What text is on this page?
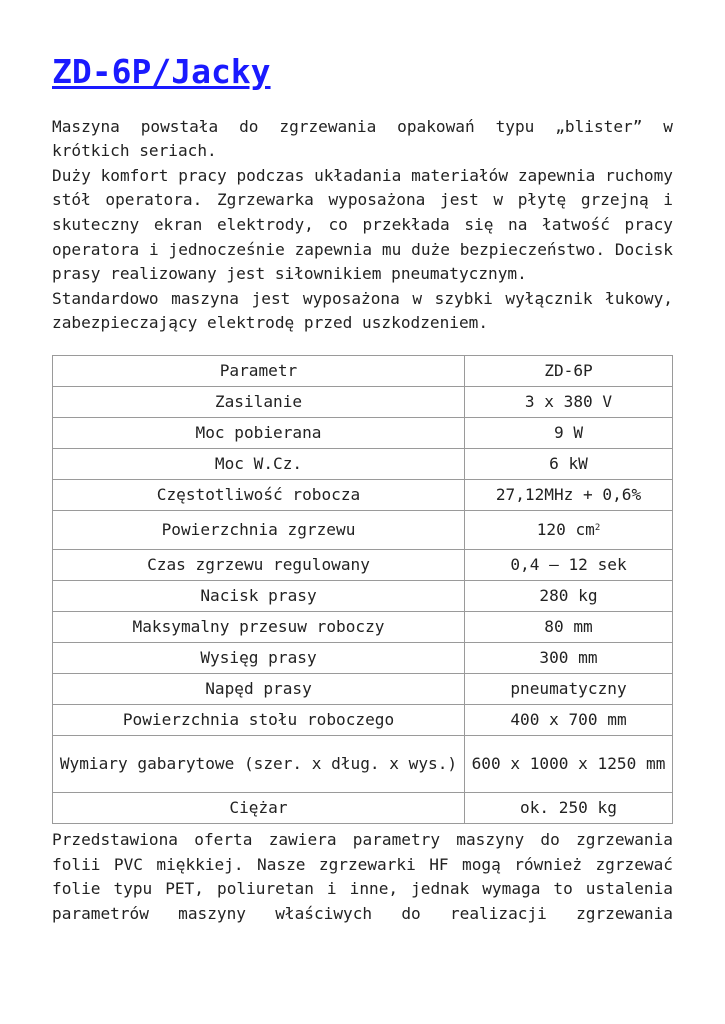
ZD-6P/Jacky

Maszyna powstała do zgrzewania opakowań typu „blister” w krótkich seriach.

Duży komfort pracy podczas układania materiałów zapewnia ruchomy stół operatora. Zgrzewarka wyposażona jest w płytę grzejną i skuteczny ekran elektrody, co przekłada się na łatwość pracy operatora i jednocześnie zapewnia mu duże bezpieczeństwo. Docisk prasy realizowany jest siłownikiem pneumatycznym.

Standardowo maszyna jest wyposażona w szybki wyłącznik łukowy, zabezpieczający elektrodę przed uszkodzeniem.

Parametr	ZD-6P
Zasilanie	3 x 380 V
Moc pobierana	9 W
Moc W.Cz.	6 kW
Częstotliwość robocza	27,12MHz + 0,6%
Powierzchnia zgrzewu	120 $cm^2$
Czas zgrzewu regulowany	0,4 – 12 sek
Nacisk prasy	280 kg
Maksymalny przesuw roboczy	80 mm
Wysięg prasy	300 mm
Napęd prasy	pneumatyczny
Powierzchnia stołu roboczego	400 x 700 mm
Wymiary gabarytowe (szer. x dług. x wys.)	600 x 1000 x 1250 mm
Ciężar	ok. 250 kg

Przedstawiona oferta zawiera parametry maszyny do zgrzewania folii PVC miękkiej. Nasze zgrzewarki HF mogą również zgrzewać folie typu PET, poliuretan i inne, jednak wymaga to ustalenia parametrów maszyny właściwych do realizacji zgrzewania
